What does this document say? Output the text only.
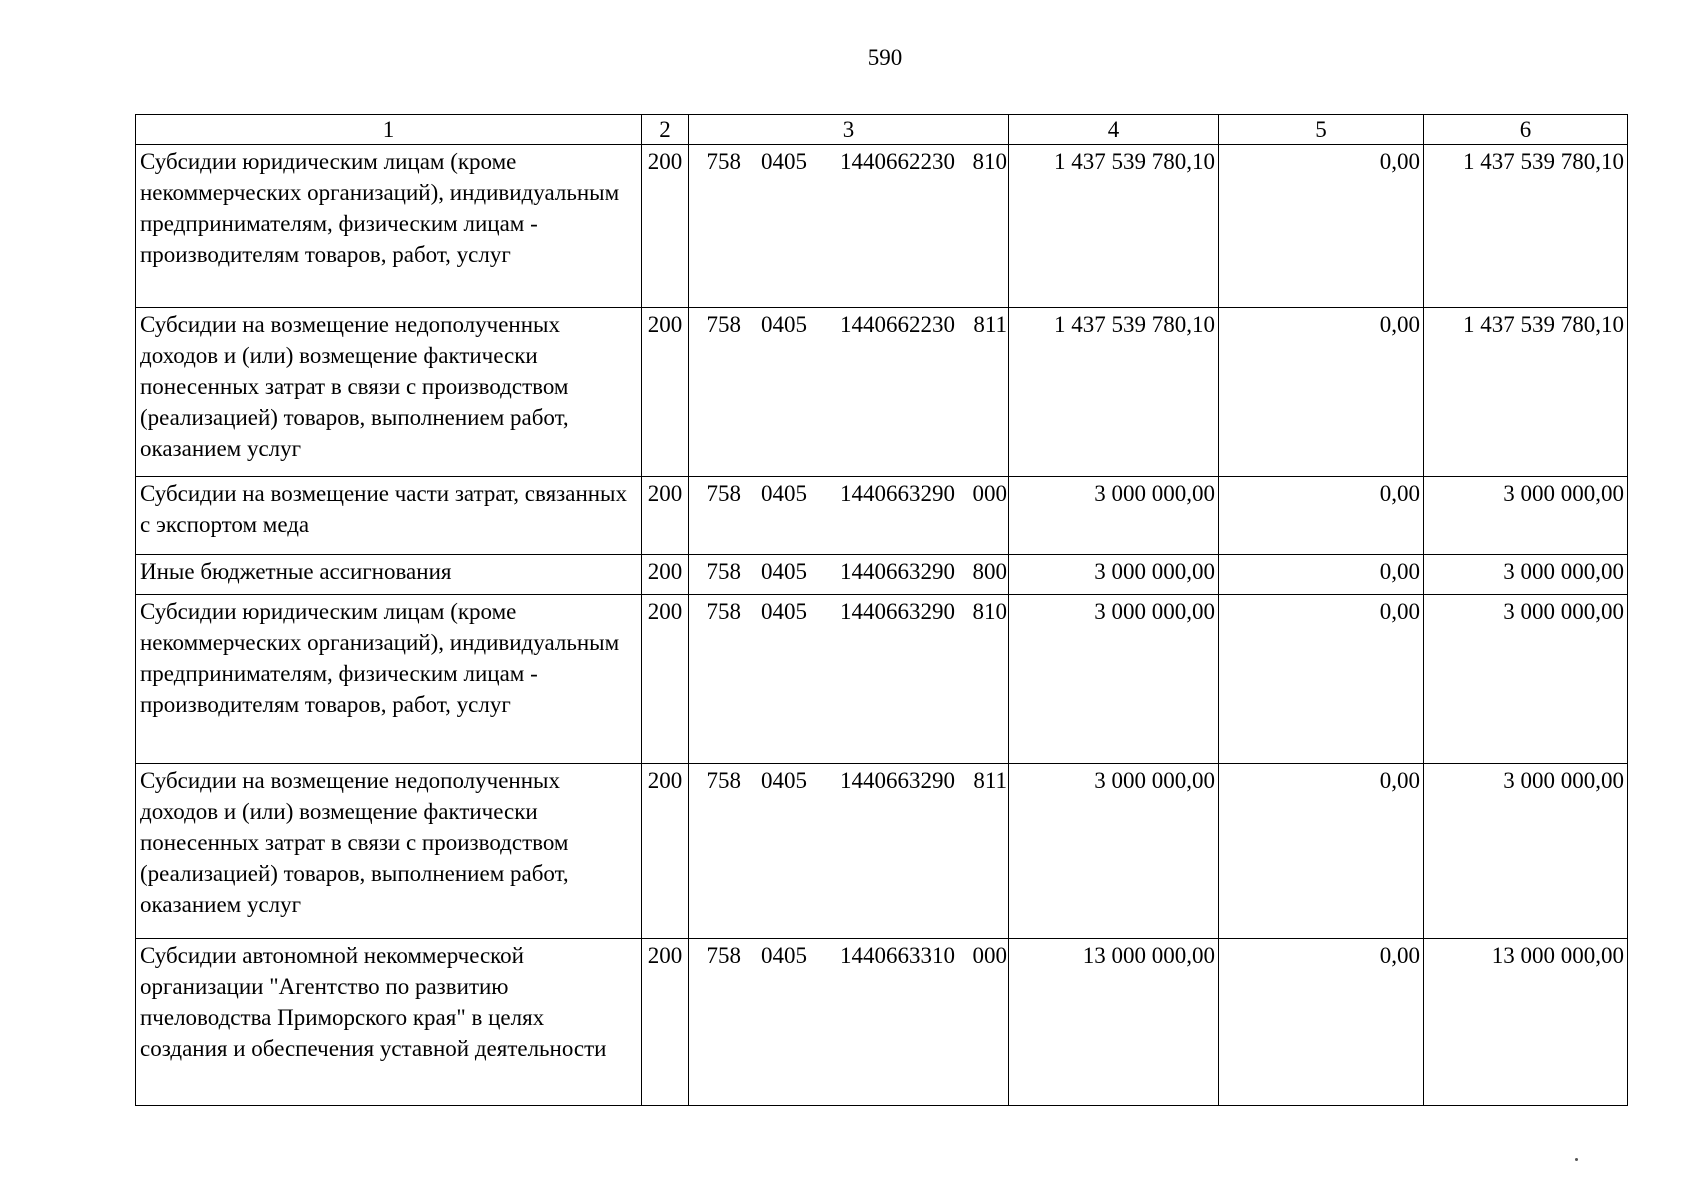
590
1	2	3	4	5	6
Субсидии юридическим лицам (кроме некоммерческих организаций), индивидуальным предпринимателям, физическим лицам - производителям товаров, работ, услуг	200	758 0405 1440662230 810	1 437 539 780,10	0,00	1 437 539 780,10
Субсидии на возмещение недополученных доходов и (или) возмещение фактически понесенных затрат в связи с производством (реализацией) товаров, выполнением работ, оказанием услуг	200	758 0405 1440662230 811	1 437 539 780,10	0,00	1 437 539 780,10
Субсидии на возмещение части затрат, связанных с экспортом меда	200	758 0405 1440663290 000	3 000 000,00	0,00	3 000 000,00
Иные бюджетные ассигнования	200	758 0405 1440663290 800	3 000 000,00	0,00	3 000 000,00
Субсидии юридическим лицам (кроме некоммерческих организаций), индивидуальным предпринимателям, физическим лицам - производителям товаров, работ, услуг	200	758 0405 1440663290 810	3 000 000,00	0,00	3 000 000,00
Субсидии на возмещение недополученных доходов и (или) возмещение фактически понесенных затрат в связи с производством (реализацией) товаров, выполнением работ, оказанием услуг	200	758 0405 1440663290 811	3 000 000,00	0,00	3 000 000,00
Субсидии автономной некоммерческой организации "Агентство по развитию пчеловодства Приморского края" в целях создания и обеспечения уставной деятельности	200	758 0405 1440663310 000	13 000 000,00	0,00	13 000 000,00
